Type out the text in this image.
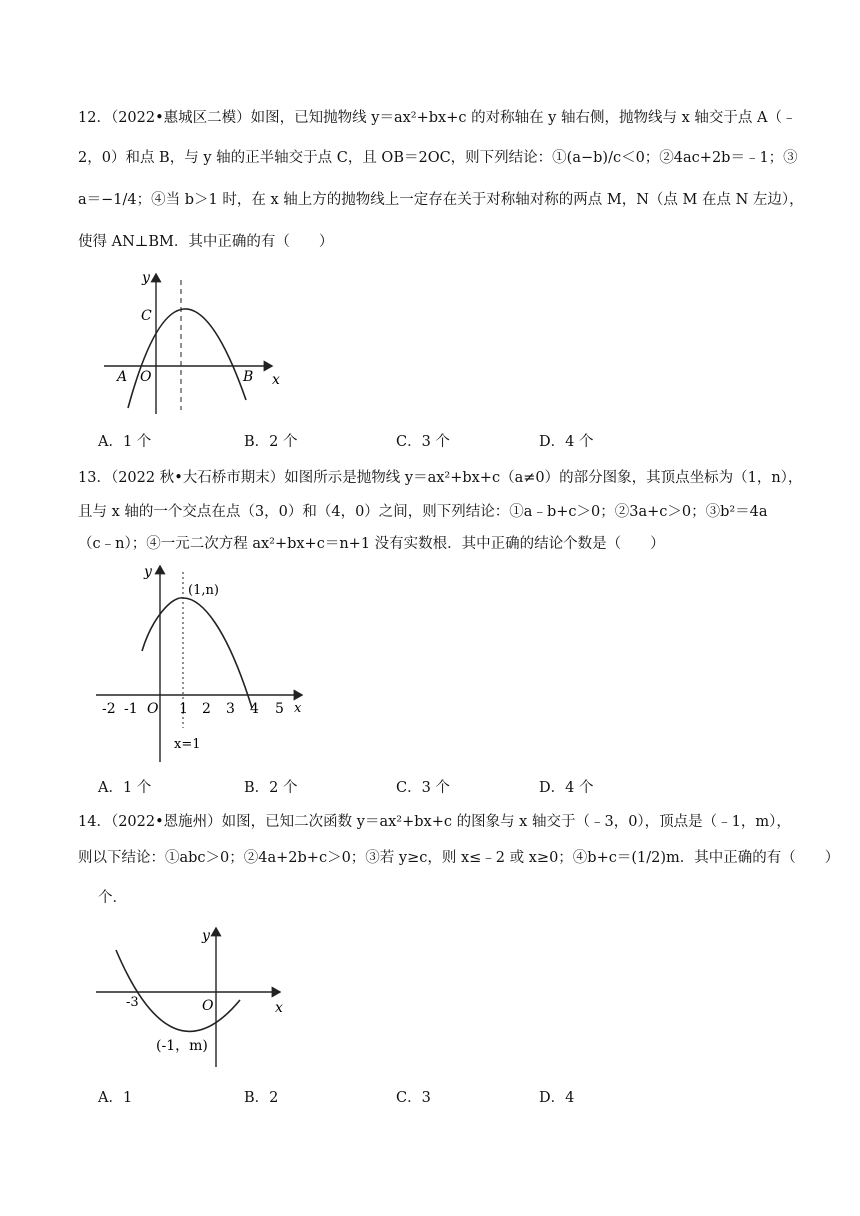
12．（2022•惠城区二模）如图，已知抛物线 y＝ax²+bx+c 的对称轴在 y 轴右侧，抛物线与 x 轴交于点 A（﹣
2，0）和点 B，与 y 轴的正半轴交于点 C，且 OB＝2OC，则下列结论：①(a−b)/c＜0；②4ac+2b＝﹣1；③
a＝−1/4；④当 b＞1 时，在 x 轴上方的抛物线上一定存在关于对称轴对称的两点 M，N（点 M 在点 N 左边），
使得 AN⊥BM．其中正确的有（　　）
y
x
C
A O	B
A．1 个	B．2 个	C．3 个	D．4 个
13．（2022 秋•大石桥市期末）如图所示是抛物线 y＝ax²+bx+c（a≠0）的部分图象，其顶点坐标为（1，n），
且与 x 轴的一个交点在点（3，0）和（4，0）之间，则下列结论：①a﹣b+c＞0；②3a+c＞0；③b²＝4a
（c﹣n）；④一元二次方程 ax²+bx+c＝n+1 没有实数根．其中正确的结论个数是（　　）
y
x
(1,n)
O
-2 -1	1 2 3 4 5
x=1
A．1 个	B．2 个	C．3 个	D．4 个
14．（2022•恩施州）如图，已知二次函数 y＝ax²+bx+c 的图象与 x 轴交于（﹣3，0），顶点是（﹣1，m），
则以下结论：①abc＞0；②4a+2b+c＞0；③若 y≥c，则 x≤﹣2 或 x≥0；④b+c＝(1/2)m．其中正确的有（　　）
个．
y
x
O
-3
(-1，m)
A．1	B．2	C．3	D．4
